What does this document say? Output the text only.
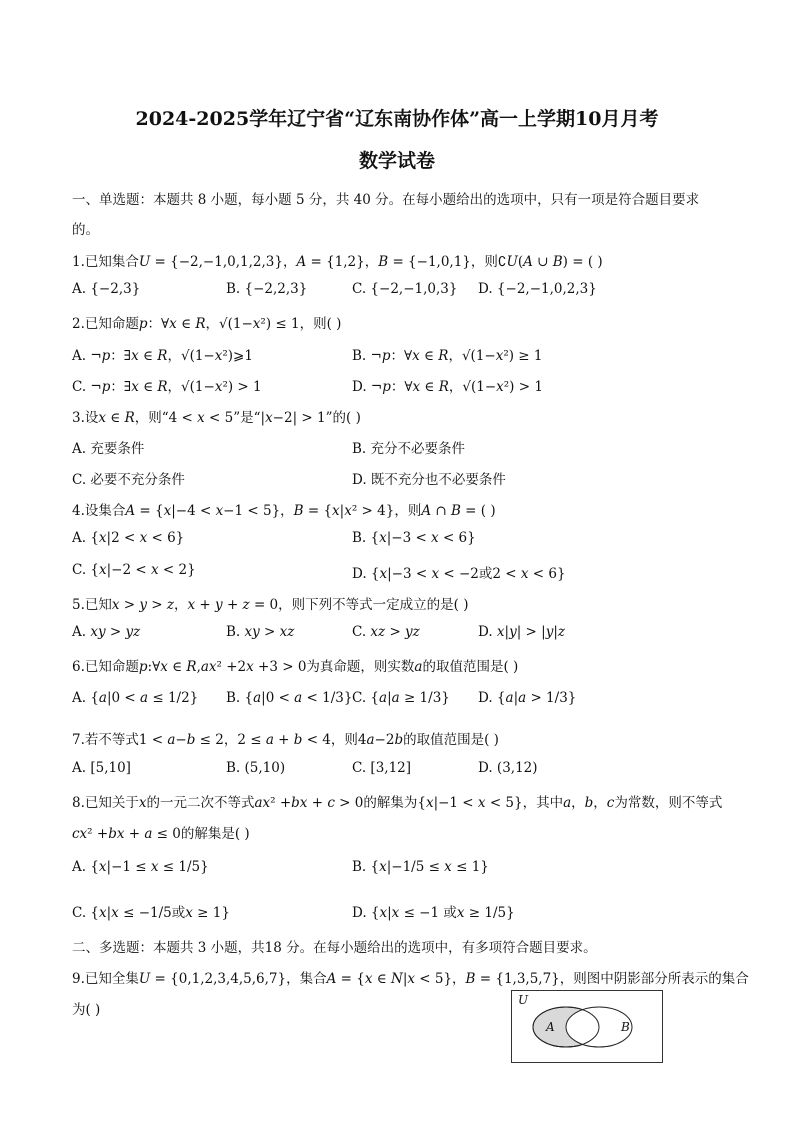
2024-2025学年辽宁省“辽东南协作体”高一上学期10月月考
数学试卷
一、单选题：本题共 8 小题，每小题 5 分，共 40 分。在每小题给出的选项中，只有一项是符合题目要求
的。
1.已知集合𝑈 = {−2,−1,0,1,2,3}，𝐴 = {1,2}，𝐵 = {−1,0,1}，则∁𝑈(𝐴 ∪ 𝐵) = ( )
A. {−2,3}	B. {−2,2,3}	C. {−2,−1,0,3} D. {−2,−1,0,2,3}
2.已知命题𝑝：∀𝑥 ∈ 𝑅，√(1−𝑥²) ≤ 1，则( )
A. ¬𝑝：∃𝑥 ∈ 𝑅，√(1−𝑥²)⩾1	B. ¬𝑝：∀𝑥 ∈ 𝑅，√(1−𝑥²) ≥ 1
C. ¬𝑝：∃𝑥 ∈ 𝑅，√(1−𝑥²) > 1	D. ¬𝑝：∀𝑥 ∈ 𝑅，√(1−𝑥²) > 1
3.设𝑥 ∈ 𝑅，则“4 < 𝑥 < 5”是“|𝑥−2| > 1”的( )
A. 充要条件	B. 充分不必要条件
C. 必要不充分条件	D. 既不充分也不必要条件
4.设集合𝐴 = {𝑥|−4 < 𝑥−1 < 5}，𝐵 = {𝑥|𝑥² > 4}，则𝐴 ∩ 𝐵 = ( )
A. {𝑥|2 < 𝑥 < 6}	B. {𝑥|−3 < 𝑥 < 6}
C. {𝑥|−2 < 𝑥 < 2}	D. {𝑥|−3 < 𝑥 < −2或2 < 𝑥 < 6}
5.已知𝑥 > 𝑦 > 𝑧，𝑥 + 𝑦 + 𝑧 = 0，则下列不等式一定成立的是( )
A. 𝑥𝑦 > 𝑦𝑧	B. 𝑥𝑦 > 𝑥𝑧	C. 𝑥𝑧 > 𝑦𝑧	D. 𝑥|𝑦| > |𝑦|𝑧
6.已知命题𝑝:∀𝑥 ∈ 𝑅,𝑎𝑥² +2𝑥 +3 > 0为真命题，则实数𝑎的取值范围是( )
A. {𝑎|0 < 𝑎 ≤ 1/2} B. {𝑎|0 < 𝑎 < 1/3} C. {𝑎|𝑎 ≥ 1/3} D. {𝑎|𝑎 > 1/3}
7.若不等式1 < 𝑎−𝑏 ≤ 2，2 ≤ 𝑎 + 𝑏 < 4，则4𝑎−2𝑏的取值范围是( )
A. [5,10]	B. (5,10)	C. [3,12]	D. (3,12)
8.已知关于𝑥的一元二次不等式𝑎𝑥² +𝑏𝑥 + 𝑐 > 0的解集为{𝑥|−1 < 𝑥 < 5}，其中𝑎，𝑏，𝑐为常数，则不等式
𝑐𝑥² +𝑏𝑥 + 𝑎 ≤ 0的解集是( )
A. {𝑥|−1 ≤ 𝑥 ≤ 1/5}	B. {𝑥|−1/5 ≤ 𝑥 ≤ 1}
C. {𝑥|𝑥 ≤ −1/5或𝑥 ≥ 1}	D. {𝑥|𝑥 ≤ −1 或𝑥 ≥ 1/5}
二、多选题：本题共 3 小题，共18 分。在每小题给出的选项中，有多项符合题目要求。
9.已知全集𝑈 = {0,1,2,3,4,5,6,7}，集合𝐴 = {𝑥 ∈ 𝑁|𝑥 < 5}，𝐵 = {1,3,5,7}，则图中阴影部分所表示的集合
为( )
U
A	B
